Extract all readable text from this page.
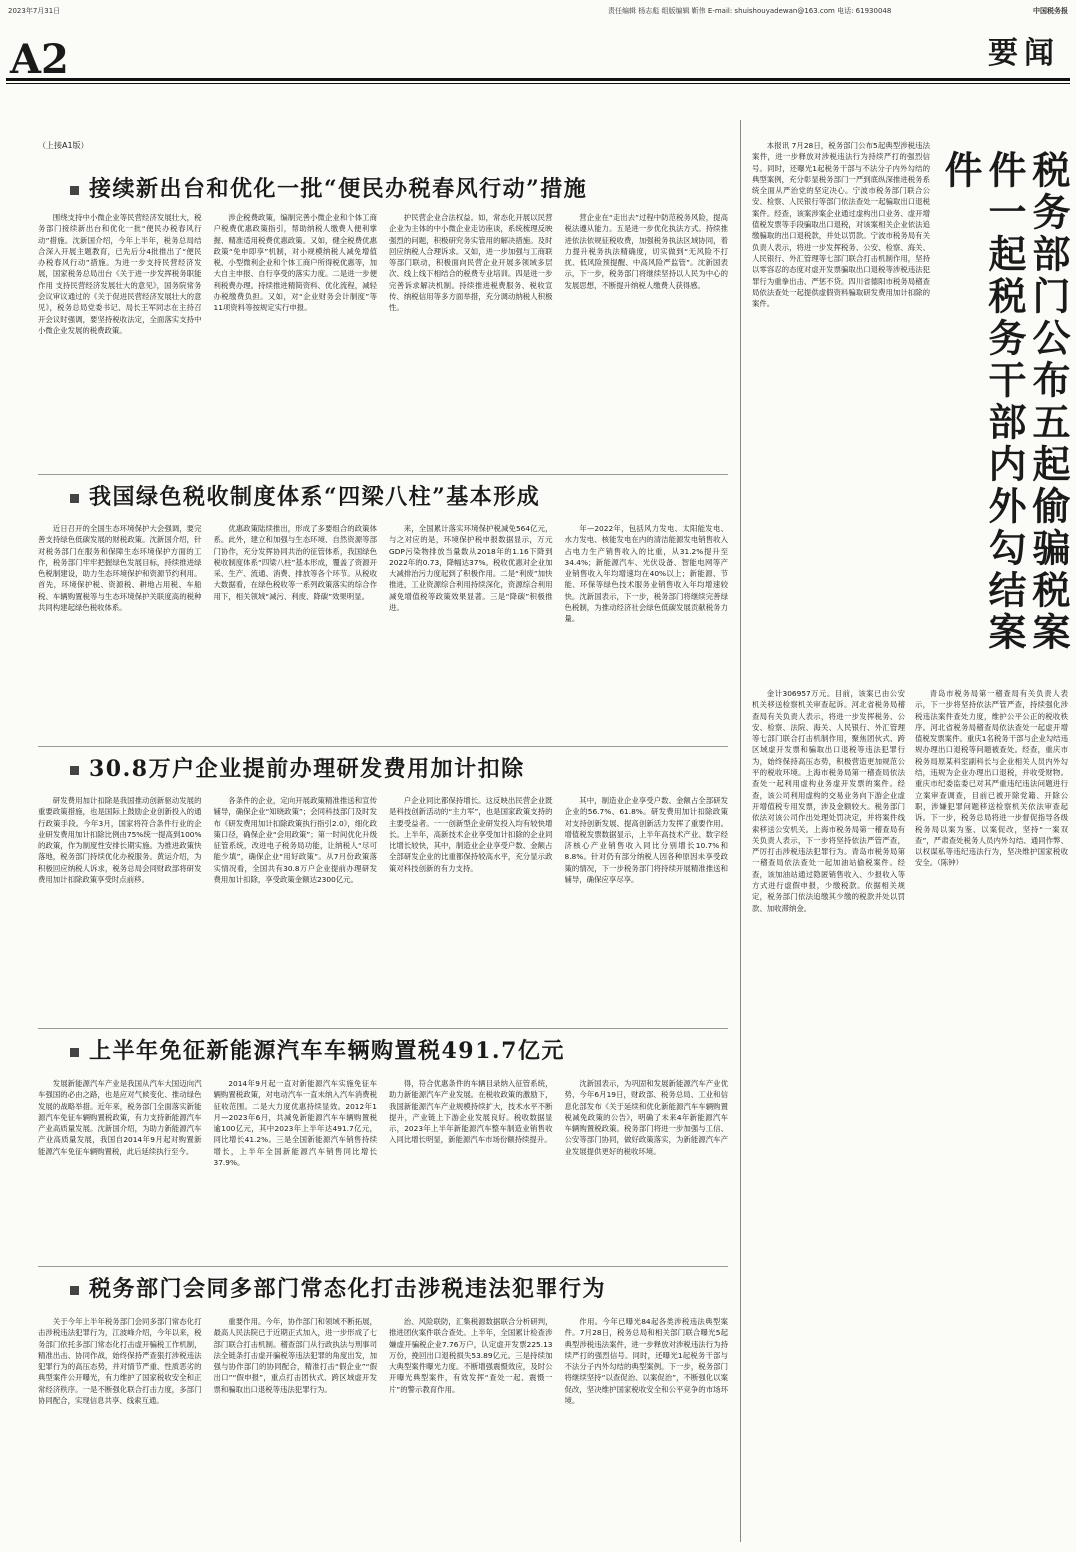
2023年7月31日	责任编辑 杨志彪 组版编辑 靳伟 E-mail: shuishouyadewan@163.com 电话: 61930048	中国税务报
A2	要闻
（上接A1版）
接续新出台和优化一批“便民办税春风行动”措施

围绕支持中小微企业等民营经济发展壮大，税务部门接续新出台和优化一批“便民办税春风行动”措施。沈新国介绍，今年上半年，税务总局结合深入开展主题教育，已先后分4批推出了“便民办税春风行动”措施。为进一步支持民营经济发展，国家税务总局出台《关于进一步发挥税务职能作用 支持民营经济发展壮大的意见》，国务院常务会议审议通过的《关于促进民营经济发展壮大的意见》，税务总局党委书记、局长王军同志在主持召开会议时强调，要坚持税收法定，全面落实支持中小微企业发展的税费政策。

涉企税费政策，编制完善小微企业和个体工商户税费优惠政策指引，帮助纳税人缴费人便利掌握、精准适用税费优惠政策。又如，健全税费优惠政策“免申即享”机制，对小规模纳税人减免增值税、小型微利企业和个体工商户所得税优惠等，加大自主申报、自行享受的落实力度。二是进一步便利税费办理。持续推进精简资料、优化流程，减轻办税缴费负担。又如，对“企业财务会计制度”等11项资料等按规定实行申报。

护民营企业合法权益。如，常态化开展以民营企业为主体的中小微企业走访座谈，系统梳理反映强烈的问题，积极研究务实管用的解决措施。及时回应纳税人合理诉求。又如，进一步加强与工商联等部门联动，积极面向民营企业开展多领域多层次、线上线下相结合的税费专业培训。四是进一步完善诉求解决机制。持续推进税费服务、税收宣传、纳税信用等多方面举措，充分调动纳税人积极性。

营企业在“走出去”过程中防范税务风险，提高税法遵从能力。五是进一步优化执法方式。持续推进依法依规征税收费，加强税务执法区域协同，着力提升税务执法精确度，切实做到“无风险不打扰、低风险预提醒、中高风险严监管”。沈新国表示，下一步，税务部门将继续坚持以人民为中心的发展思想，不断提升纳税人缴费人获得感。

我国绿色税收制度体系“四梁八柱”基本形成

近日召开的全国生态环境保护大会强调，要完善支持绿色低碳发展的财税政策。沈新国介绍，针对税务部门在服务和保障生态环境保护方面的工作，税务部门牢牢把握绿色发展目标，持续推进绿色税制建设，助力生态环境保护和资源节约利用。首先，环境保护税、资源税、耕地占用税、车船税、车辆购置税等与生态环境保护关联度高的税种共同构建起绿色税收体系。

优惠政策陆续推出，形成了多要组合的政策体系。此外，建立和加强与生态环境、自然资源等部门协作，充分发挥协同共治的征管体系，我国绿色税收制度体系“四梁八柱”基本形成，覆盖了资源开采、生产、流通、消费、排放等各个环节。从税收大数据看，在绿色税收等一系列政策落实的综合作用下，相关领域“减污、利废、降碳”效果明显。

来，全国累计落实环境保护税减免564亿元，与之对应的是，环境保护税申报数据显示，万元GDP污染物排放当量数从2018年的1.16下降到2022年的0.73，降幅达37%。税收优惠对企业加大减排治污力度起到了积极作用。二是“利废”加快推进，工业资源综合利用持续深化，资源综合利用减免增值税等政策效果显著。三是“降碳”积极推进。

年—2022年，包括风力发电、太阳能发电、水力发电、核能发电在内的清洁能源发电销售收入占电力生产销售收入的比重，从31.2%提升至34.4%；新能源汽车、光伏设备、智能电网等产业销售收入年均增速均在40%以上；新能源、节能、环保等绿色技术服务业销售收入年均增速较快。沈新国表示，下一步，税务部门将继续完善绿色税制，为推动经济社会绿色低碳发展贡献税务力量。

30.8万户企业提前办理研发费用加计扣除

研发费用加计扣除是我国推动创新驱动发展的重要政策措施，也是国际上鼓励企业创新投入的通行政策手段。今年3月，国家将符合条件行业的企业研发费用加计扣除比例由75%统一提高到100%的政策，作为制度性安排长期实施。为推进政策快落地，税务部门持续优化办税服务。黄运介绍，为积极回应纳税人诉求，税务总局会同财政部将研发费用加计扣除政策享受时点前移。

各条件的企业，定向开展政策精准推送和宣传辅导，确保企业“知晓政策”；会同科技部门及时发布《研发费用加计扣除政策执行指引2.0》，细化政策口径，确保企业“会用政策”；第一时间优化升级征管系统，改进电子税务局功能，让纳税人“尽可能少填”，确保企业“用好政策”。从7月份政策落实情况看，全国共有30.8万户企业提前办理研发费用加计扣除，享受政策金额达2300亿元。

户企业同比都保持增长。这反映出民营企业既是科技创新活动的“主力军”，也是国家政策支持的主要受益者。一一创新型企业研发投入均有较快增长。上半年，高新技术企业享受加计扣除的企业同比增长较快，其中，制造业企业享受户数、金额占全部研发企业的比重都保持较高水平，充分显示政策对科技创新的有力支持。

其中，制造业企业享受户数、金额占全部研发企业的56.7%、61.8%。研发费用加计扣除政策对支持创新发展、提高创新活力发挥了重要作用。增值税发票数据显示，上半年高技术产业、数字经济核心产业销售收入同比分别增长10.7%和8.8%。针对仍有部分纳税人因各种原因未享受政策的情况，下一步税务部门将持续开展精准推送和辅导，确保应享尽享。

上半年免征新能源汽车车辆购置税491.7亿元

发展新能源汽车产业是我国从汽车大国迈向汽车强国的必由之路，也是应对气候变化、推动绿色发展的战略举措。近年来，税务部门全面落实新能源汽车免征车辆购置税政策，有力支持新能源汽车产业高质量发展。沈新国介绍，为助力新能源汽车产业高质量发展，我国自2014年9月起对购置新能源汽车免征车辆购置税，此后延续执行至今。

2014年9月起一直对新能源汽车实施免征车辆购置税政策，对电动汽车一直未纳入汽车消费税征收范围。二是大力度优惠持续显效。2012年1月—2023年6月，共减免新能源汽车车辆购置税逾100亿元，其中2023年上半年达491.7亿元，同比增长41.2%。三是全国新能源汽车销售持续增长，上半年全国新能源汽车销售同比增长37.9%。

得，符合优惠条件的车辆目录纳入征管系统，助力新能源汽车产业发展。在税收政策的激励下，我国新能源汽车产业规模持续扩大，技术水平不断提升，产业链上下游企业发展良好。税收数据显示，2023年上半年新能源汽车整车制造业销售收入同比增长明显，新能源汽车市场份额持续提升。

沈新国表示，为巩固和发展新能源汽车产业优势，今年6月19日，财政部、税务总局、工业和信息化部发布《关于延续和优化新能源汽车车辆购置税减免政策的公告》，明确了未来4年新能源汽车车辆购置税政策。税务部门将进一步加强与工信、公安等部门协同，做好政策落实，为新能源汽车产业发展提供更好的税收环境。

税务部门会同多部门常态化打击涉税违法犯罪行为

关于今年上半年税务部门会同多部门常态化打击涉税违法犯罪行为，江波峰介绍，今年以来，税务部门依托多部门常态化打击虚开骗税工作机制，精准出击、协同作战，始终保持严查狠打涉税违法犯罪行为的高压态势，并对情节严重、性质恶劣的典型案件公开曝光，有力维护了国家税收安全和正常经济秩序。一是不断强化联合打击力度，多部门协同配合，实现信息共享、线索互通。

重要作用。今年，协作部门和领域不断拓展，最高人民法院已于近期正式加入，进一步形成了七部门联合打击机制。稽查部门从行政执法与刑事司法全链条打击虚开骗税等违法犯罪的角度出发，加强与协作部门的协同配合，精准打击“假企业”“假出口”“假申报”，重点打击团伙式、跨区域虚开发票和骗取出口退税等违法犯罪行为。

治、风险联防，汇集税源数据联合分析研判，推进团伙案件联合查处。上半年，全国累计检查涉嫌虚开骗税企业7.76万户，认定虚开发票225.13万份，挽回出口退税损失53.89亿元。三是持续加大典型案件曝光力度。不断增强震慑效应，及时公开曝光典型案件，有效发挥“查处一起、震慑一片”的警示教育作用。

作用。今年已曝光84起各类涉税违法典型案件。7月28日，税务总局和相关部门联合曝光5起典型涉税违法案件，进一步释放对涉税违法行为持续严打的强烈信号。同时，还曝光1起税务干部与不法分子内外勾结的典型案例。下一步，税务部门将继续坚持“以查促治、以案促治”，不断强化以案促改，坚决维护国家税收安全和公平竞争的市场环境。

税务部门公布五起偷骗税案件一起税务干部内外勾结案件

本报讯 7月28日，税务部门公布5起典型涉税违法案件，进一步释放对涉税违法行为持续严打的强烈信号。同时，还曝光1起税务干部与不法分子内外勾结的典型案例，充分彰显税务部门一严到底纵深推进税务系统全面从严治党的坚定决心。宁波市税务部门联合公安、检察、人民银行等部门依法查处一起骗取出口退税案件。经查，该案涉案企业通过虚构出口业务、虚开增值税发票等手段骗取出口退税，对该案相关企业依法追缴骗取的出口退税款，并处以罚款。宁波市税务局有关负责人表示，将进一步发挥税务、公安、检察、海关、人民银行、外汇管理等七部门联合打击机制作用，坚持以零容忍的态度对虚开发票骗取出口退税等涉税违法犯罪行为重拳出击、严惩不贷。四川省德阳市税务局稽查局依法查处一起提供虚假资料骗取研发费用加计扣除的案件。

金计306957万元。目前，该案已由公安机关移送检察机关审查起诉。河北省税务局稽查局有关负责人表示，将进一步发挥税务、公安、检察、法院、海关、人民银行、外汇管理等七部门联合打击机制作用，聚焦团伙式、跨区域虚开发票和骗取出口退税等违法犯罪行为，始终保持高压态势，积极营造更加规范公平的税收环境。上海市税务局第一稽查局依法查处一起利用虚构业务虚开发票的案件。经查，该公司利用虚构的交易业务向下游企业虚开增值税专用发票，涉及金额较大。税务部门依法对该公司作出处理处罚决定，并将案件线索移送公安机关。上海市税务局第一稽查局有关负责人表示，下一步将坚持依法严管严查，严厉打击涉税违法犯罪行为。青岛市税务局第一稽查局依法查处一起加油站偷税案件。经查，该加油站通过隐匿销售收入、少报收入等方式进行虚假申报，少缴税款。依据相关规定，税务部门依法追缴其少缴的税款并处以罚款、加收滞纳金。

青岛市税务局第一稽查局有关负责人表示，下一步将坚持依法严管严查，持续强化涉税违法案件查处力度，维护公平公正的税收秩序。河北省税务局稽查局依法查处一起虚开增值税发票案件。重庆1名税务干部与企业勾结违规办理出口退税等问题被查处。经查，重庆市税务局原某科室副科长与企业相关人员内外勾结，违规为企业办理出口退税，并收受财物。重庆市纪委监委已对其严重违纪违法问题进行立案审查调查，目前已被开除党籍、开除公职，涉嫌犯罪问题移送检察机关依法审查起诉。下一步，税务总局将进一步督促指导各级税务局以案为鉴、以案促改，坚持“一案双查”，严肃查处税务人员内外勾结、通同作弊、以权谋私等违纪违法行为，坚决维护国家税收安全。（陈钟）
